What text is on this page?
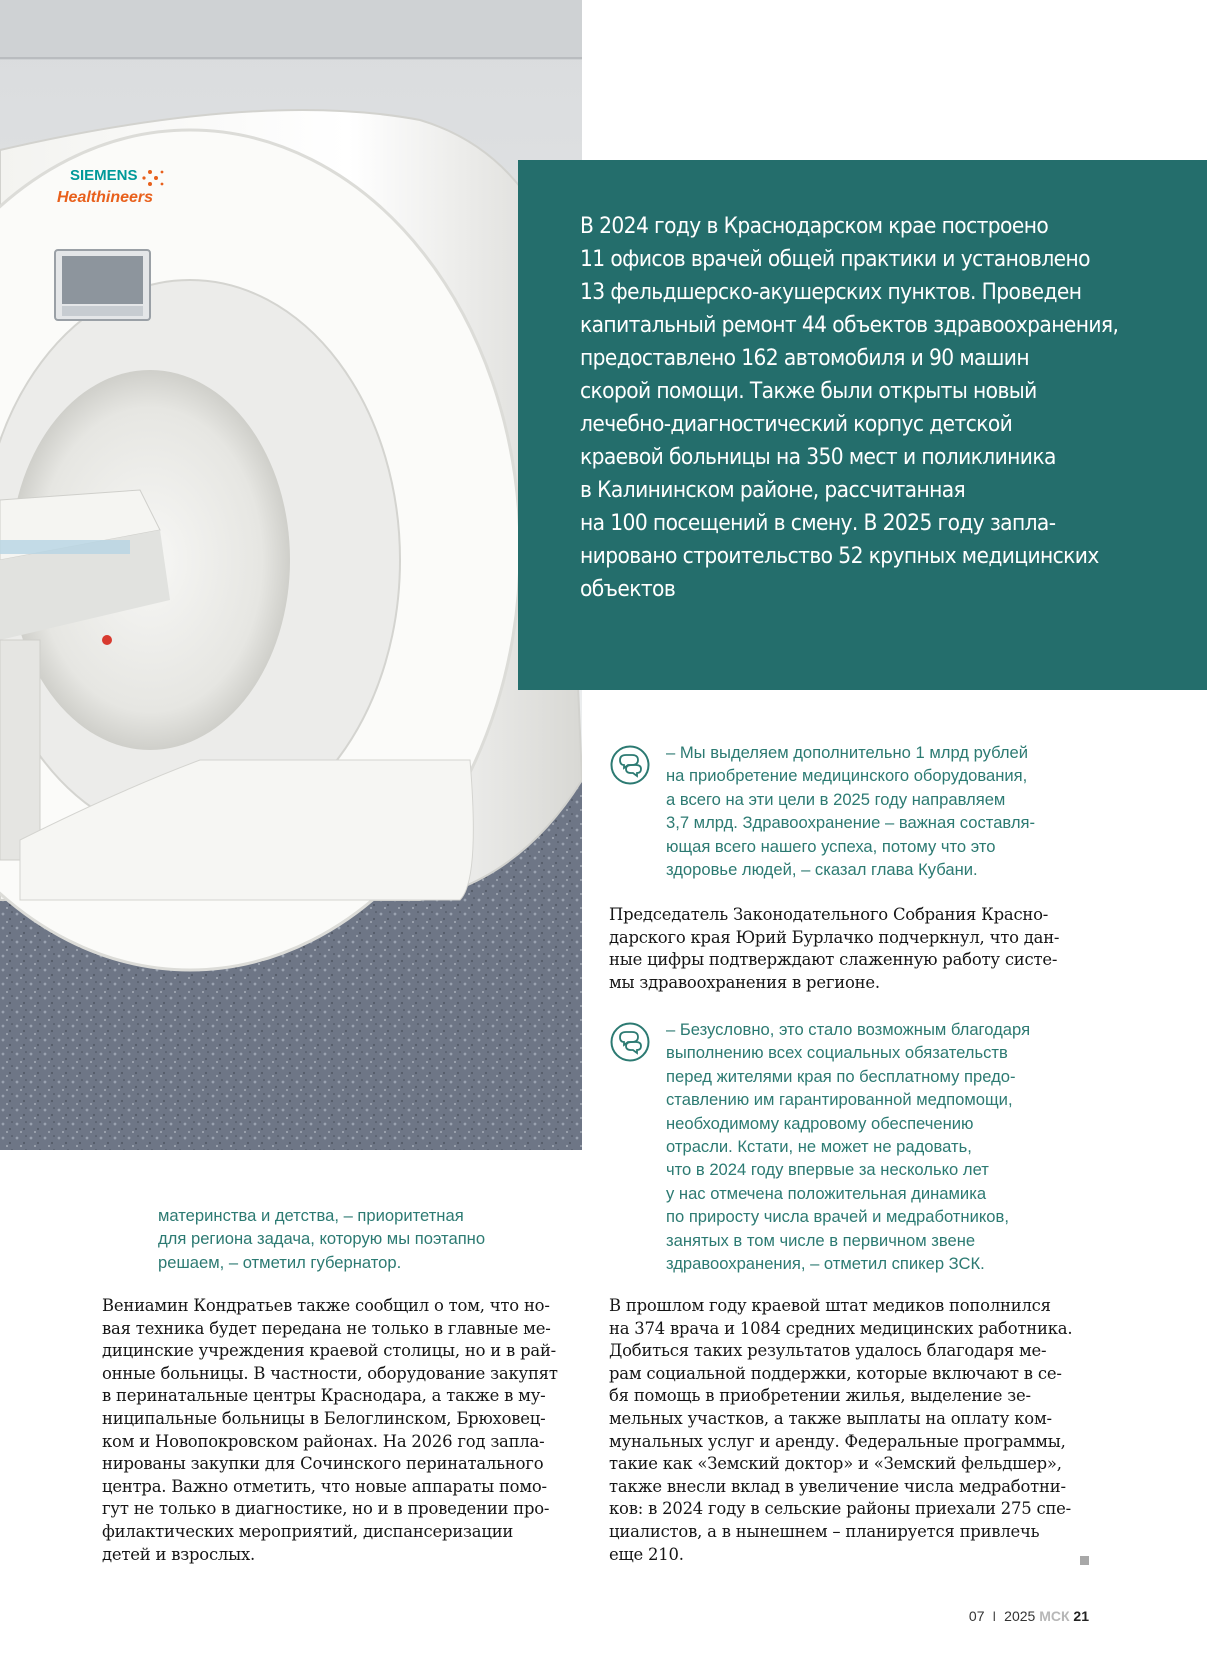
SIEMENS
Healthineers

В 2024 году в Краснодарском крае построено
11 офисов врачей общей практики и установлено
13 фельдшерско-акушерских пунктов. Проведен
капитальный ремонт 44 объектов здравоохранения,
предоставлено 162 автомобиля и 90 машин
скорой помощи. Также были открыты новый
лечебно-диагностический корпус детской
краевой больницы на 350 мест и поликлиника
в Калининском районе, рассчитанная
на 100 посещений в смену. В 2025 году запла-
нировано строительство 52 крупных медицинских
объектов

– Мы выделяем дополнительно 1 млрд рублей
на приобретение медицинского оборудования,
а всего на эти цели в 2025 году направляем
3,7 млрд. Здравоохранение – важная составля-
ющая всего нашего успеха, потому что это
здоровье людей, – сказал глава Кубани.

Председатель Законодательного Собрания Красно-
дарского края Юрий Бурлачко подчеркнул, что дан-
ные цифры подтверждают слаженную работу систе-
мы здравоохранения в регионе.

– Безусловно, это стало возможным благодаря
выполнению всех социальных обязательств
перед жителями края по бесплатному предо-
ставлению им гарантированной медпомощи,
необходимому кадровому обеспечению
отрасли. Кстати, не может не радовать,
что в 2024 году впервые за несколько лет
у нас отмечена положительная динамика
по приросту числа врачей и медработников,
занятых в том числе в первичном звене
здравоохранения, – отметил спикер ЗСК.

материнства и детства, – приоритетная
для региона задача, которую мы поэтапно
решаем, – отметил губернатор.

Вениамин Кондратьев также сообщил о том, что но-
вая техника будет передана не только в главные ме-
дицинские учреждения краевой столицы, но и в рай-
онные больницы. В частности, оборудование закупят
в перинатальные центры Краснодара, а также в му-
ниципальные больницы в Белоглинском, Брюховец-
ком и Новопокровском районах. На 2026 год запла-
нированы закупки для Сочинского перинатального
центра. Важно отметить, что новые аппараты помо-
гут не только в диагностике, но и в проведении про-
филактических мероприятий, диспансеризации
детей и взрослых.

В прошлом году краевой штат медиков пополнился
на 374 врача и 1084 средних медицинских работника.
Добиться таких результатов удалось благодаря ме-
рам социальной поддержки, которые включают в се-
бя помощь в приобретении жилья, выделение зе-
мельных участков, а также выплаты на оплату ком-
мунальных услуг и аренду. Федеральные программы,
такие как «Земский доктор» и «Земский фельдшер»,
также внесли вклад в увеличение числа медработни-
ков: в 2024 году в сельские районы приехали 275 спе-
циалистов, а в нынешнем – планируется привлечь
еще 210.

07 I 2025 МСК 21
